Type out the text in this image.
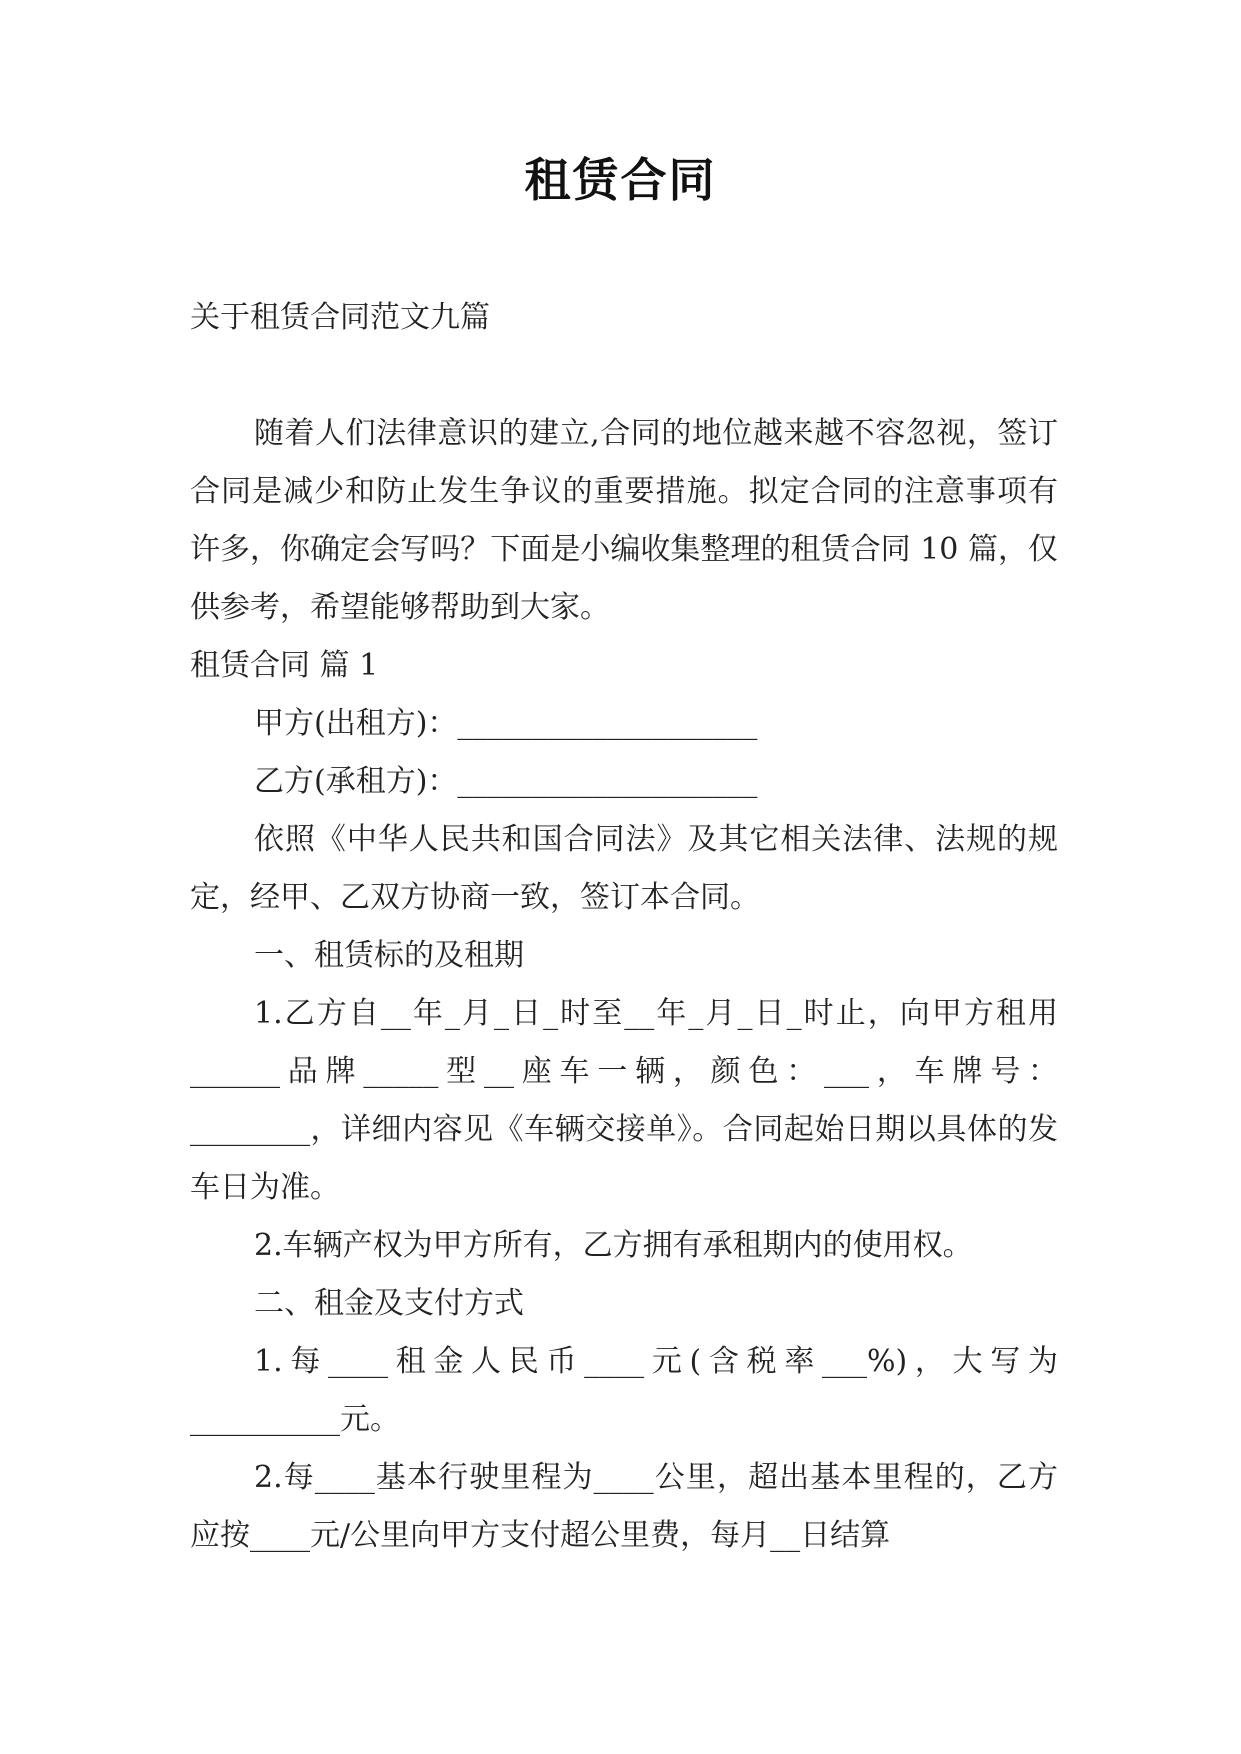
租赁合同
关于租赁合同范文九篇

随着人们法律意识的建立,合同的地位越来越不容忽视，签订合同是减少和防止发生争议的重要措施。拟定合同的注意事项有许多，你确定会写吗？下面是小编收集整理的租赁合同 10 篇，仅供参考，希望能够帮助到大家。

租赁合同 篇 1

甲方(出租方)：____________________

乙方(承租方)：____________________

依照《中华人民共和国合同法》及其它相关法律、法规的规定，经甲、乙双方协商一致，签订本合同。

一、租赁标的及租期

1.乙方自__年_月_日_时至__年_月_日_时止，向甲方租用______品牌_____型__座车一辆，颜色：___，车牌号：________，详细内容见《车辆交接单》。合同起始日期以具体的发车日为准。

2.车辆产权为甲方所有，乙方拥有承租期内的使用权。

二、租金及支付方式

1.每____租金人民币____元(含税率___%)，大写为__________元。

2.每____基本行驶里程为____公里，超出基本里程的，乙方应按____元/公里向甲方支付超公里费，每月__日结算
